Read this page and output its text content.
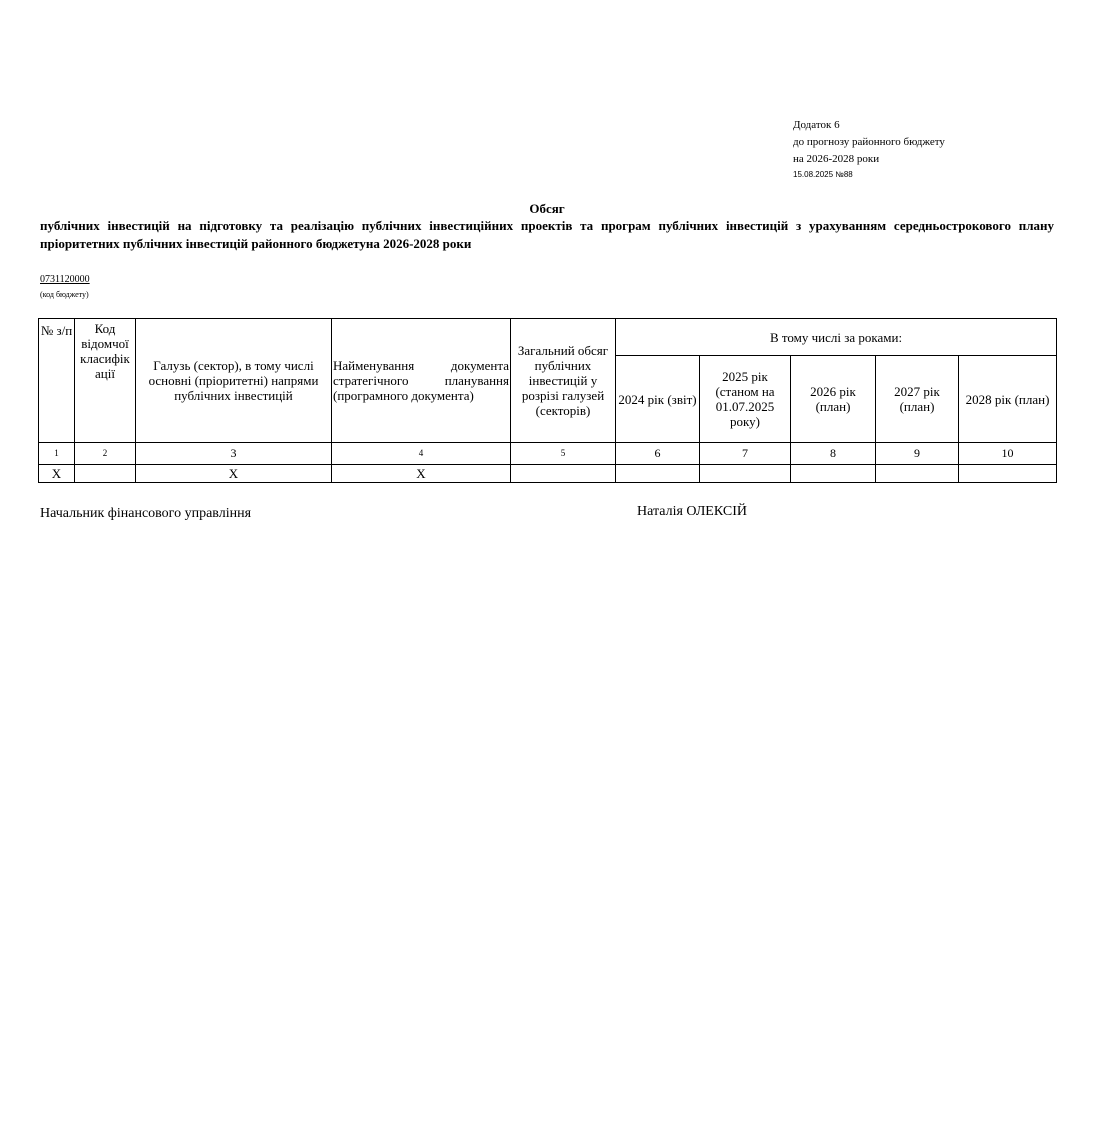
Додаток 6
до прогнозу районного бюджету
на 2026-2028 роки
15.08.2025 №88
Обсяг
публічних інвестицій на підготовку та реалізацію публічних інвестиційних проектів та програм публічних інвестицій з урахуванням середньострокового плану пріоритетних публічних інвестицій районного бюджетуна 2026-2028 роки
0731120000
(код бюджету)
№ з/п	Код відомчої класифік ації	Галузь (сектор), в тому числі основні (пріоритетні) напрями публічних інвестицій	Найменування документа стратегічного планування (програмного документа)	Загальний обсяг публічних інвестицій у розрізі галузей (секторів)	В тому числі за роками:				
					2024 рік (звіт)	2025 рік (станом на 01.07.2025 року)	2026 рік (план)	2027 рік (план)	2028 рік (план)
1	2	3	4	5	6	7	8	9	10
Х		Х	Х						
Начальник фінансового управління	Наталія ОЛЕКСІЙ
